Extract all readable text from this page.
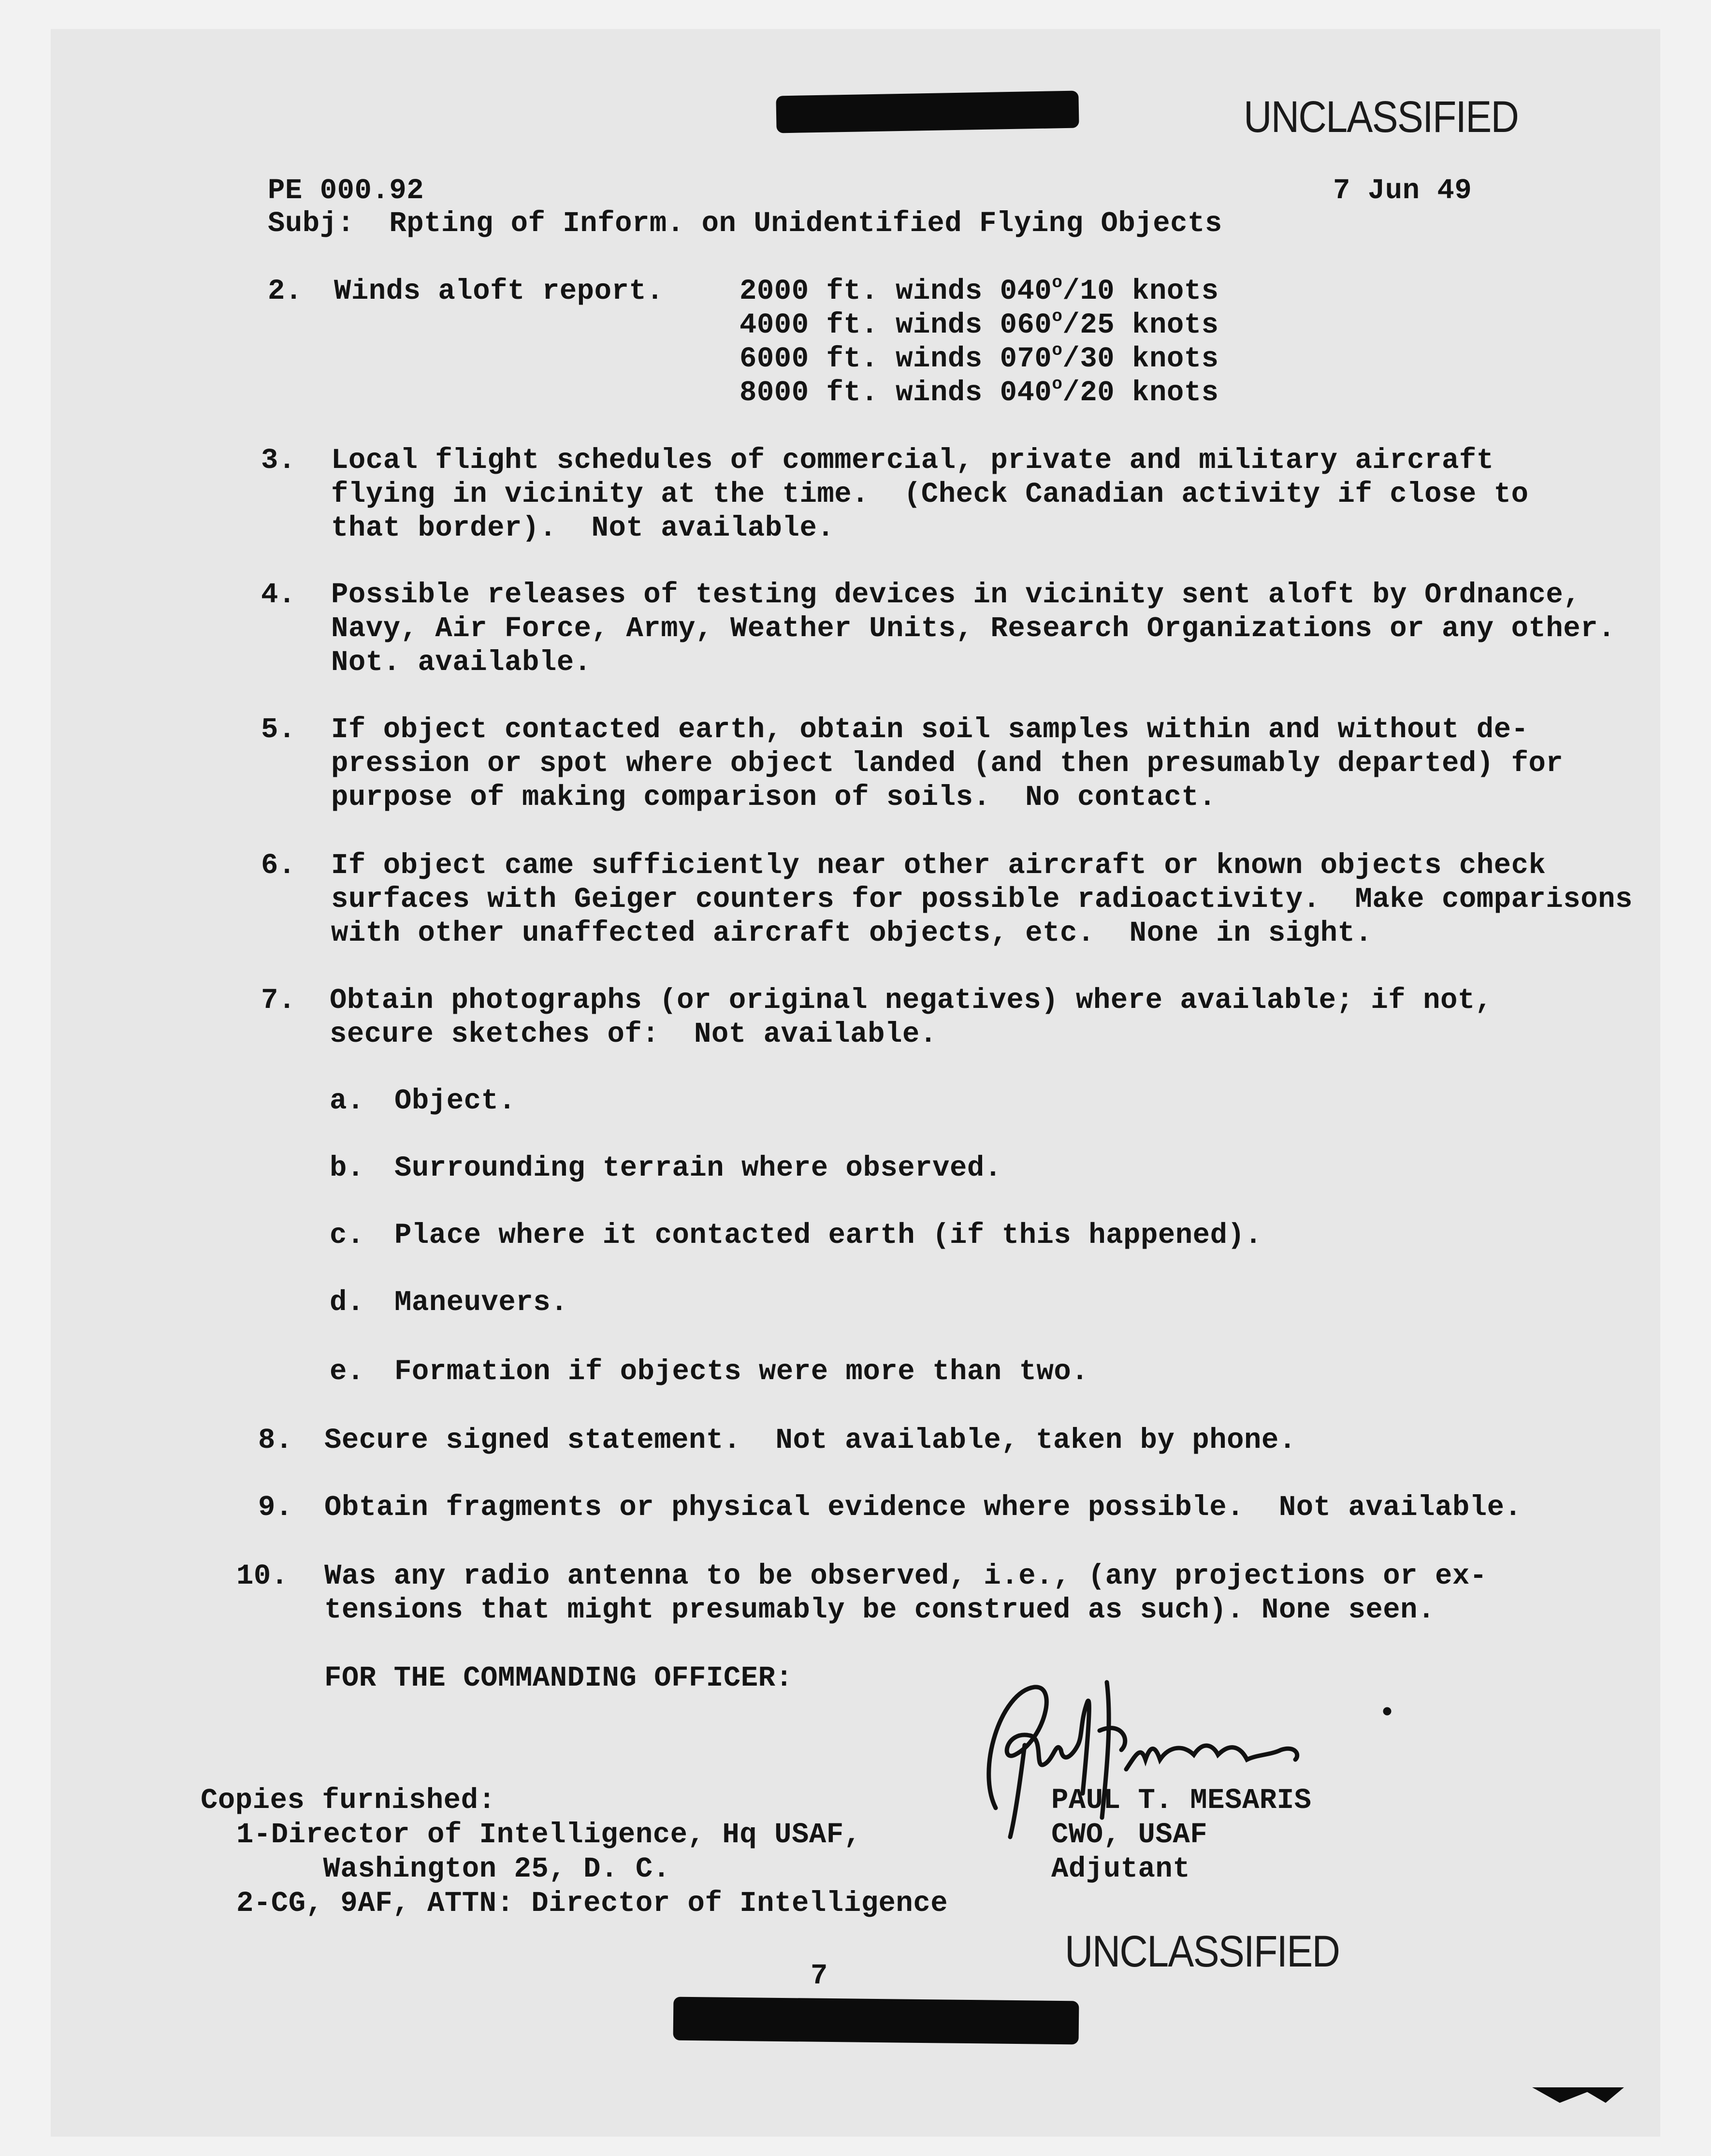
UNCLASSIFIED
PE 000.92	7 Jun 49
Subj:  Rpting of Inform. on Unidentified Flying Objects
2. Winds aloft report.	2000 ft. winds 040$^o$/10 knots
4000 ft. winds 060$^o$/25 knots
6000 ft. winds 070$^o$/30 knots
8000 ft. winds 040$^o$/20 knots
3. Local flight schedules of commercial, private and military aircraft
flying in vicinity at the time.  (Check Canadian activity if close to
that border).  Not available.
4. Possible releases of testing devices in vicinity sent aloft by Ordnance,
Navy, Air Force, Army, Weather Units, Research Organizations or any other.
Not. available.
5. If object contacted earth, obtain soil samples within and without de-
pression or spot where object landed (and then presumably departed) for
purpose of making comparison of soils.  No contact.
6. If object came sufficiently near other aircraft or known objects check
surfaces with Geiger counters for possible radioactivity.  Make comparisons
with other unaffected aircraft objects, etc.  None in sight.
7. Obtain photographs (or original negatives) where available; if not,
secure sketches of:  Not available.
a. Object.
b. Surrounding terrain where observed.
c. Place where it contacted earth (if this happened).
d. Maneuvers.
e. Formation if objects were more than two.
8. Secure signed statement.  Not available, taken by phone.
9. Obtain fragments or physical evidence where possible.  Not available.
10. Was any radio antenna to be observed, i.e., (any projections or ex-
tensions that might presumably be construed as such). None seen.
FOR THE COMMANDING OFFICER:
Copies furnished:
1-Director of Intelligence, Hq USAF,
Washington 25, D. C.
2-CG, 9AF, ATTN: Director of Intelligence
PAUL T. MESARIS
CWO, USAF
Adjutant
UNCLASSIFIED
7
